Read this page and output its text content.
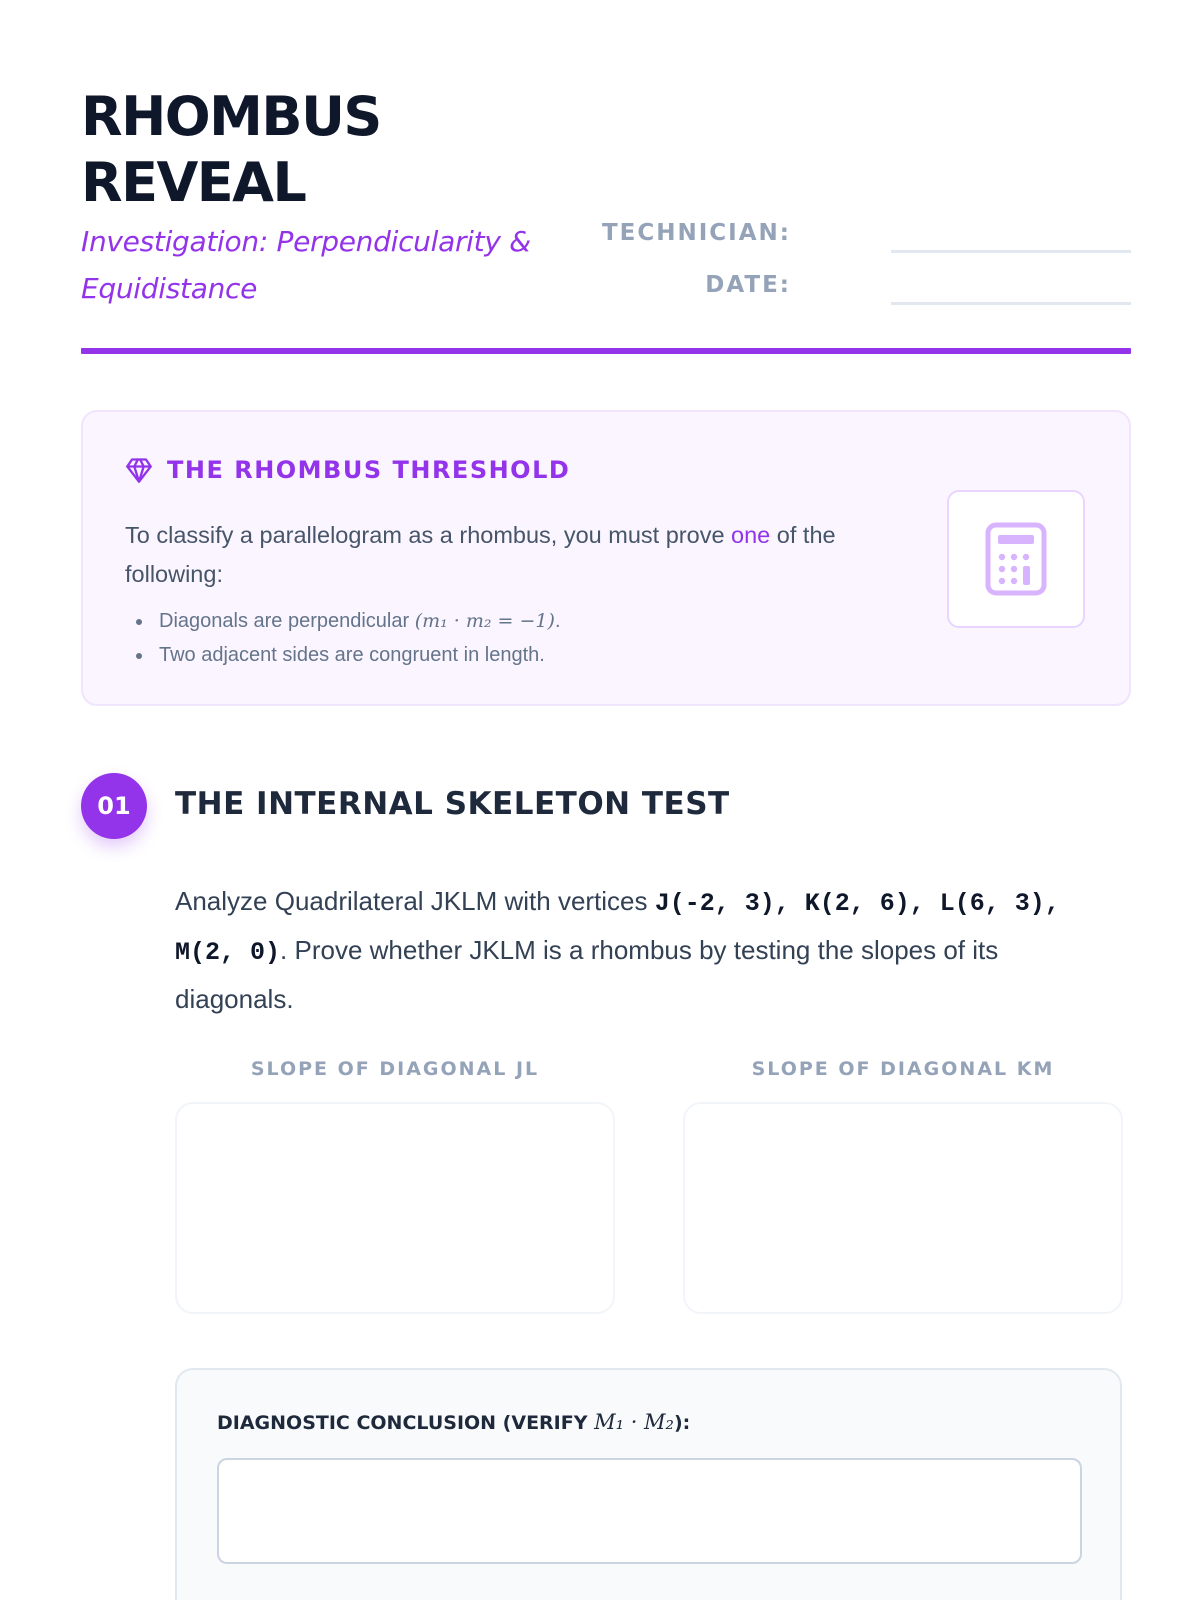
RHOMBUS
REVEAL
Investigation: Perpendicularity & Equidistance
TECHNICIAN:
DATE:
THE RHOMBUS THRESHOLD

To classify a parallelogram as a rhombus, you must prove one of the following:

Diagonals are perpendicular (m₁ · m₂ = −1).
Two adjacent sides are congruent in length.
01	THE INTERNAL SKELETON TEST

Analyze Quadrilateral JKLM with vertices J(-2, 3), K(2, 6), L(6, 3), M(2, 0). Prove whether JKLM is a rhombus by testing the slopes of its diagonals.

SLOPE OF DIAGONAL JL	SLOPE OF DIAGONAL KM
DIAGNOSTIC CONCLUSION (VERIFY M₁ · M₂):
